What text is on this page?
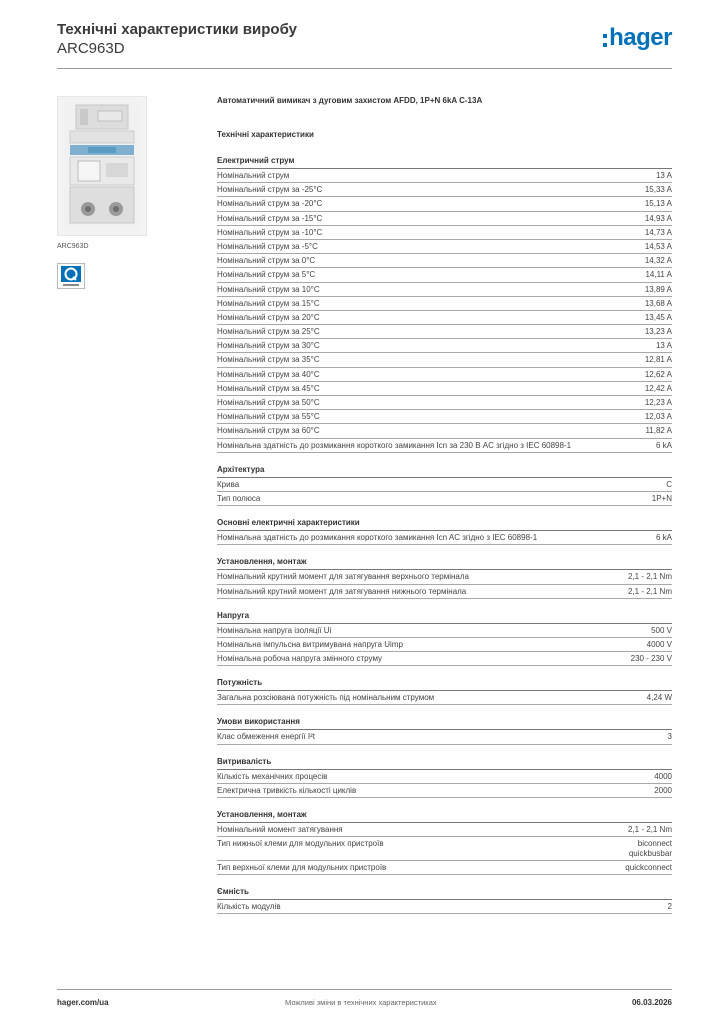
Технічні характеристики виробу
ARC963D	hager
ARC963D
Автоматичний вимикач з дуговим захистом AFDD, 1P+N 6kA C-13A
Технічні характеристики
Електричний струм
Номінальний струм	13 A
Номінальний струм за -25°C	15,33 A
Номінальний струм за -20°C	15,13 A
Номінальний струм за -15°C	14,93 A
Номінальний струм за -10°C	14,73 A
Номінальний струм за -5°C	14,53 A
Номінальний струм за 0°C	14,32 A
Номінальний струм за 5°C	14,11 A
Номінальний струм за 10°C	13,89 A
Номінальний струм за 15°C	13,68 A
Номінальний струм за 20°C	13,45 A
Номінальний струм за 25°C	13,23 A
Номінальний струм за 30°C	13 A
Номінальний струм за 35°C	12,81 A
Номінальний струм за 40°C	12,62 A
Номінальний струм за 45°C	12,42 A
Номінальний струм за 50°C	12,23 A
Номінальний струм за 55°C	12,03 A
Номінальний струм за 60°C	11,82 A
Номінальна здатність до розмикання короткого замикання Icn за 230 В AC згідно з IEC 60898-1	6 kA
Архітектура
Крива	C
Тип полюса	1P+N
Основні електричні характеристики
Номінальна здатність до розмикання короткого замикання Icn AC згідно з IEC 60898-1	6 kA
Установлення, монтаж
Номінальний крутний момент для затягування верхнього термінала	2,1 - 2,1 Nm
Номінальний крутний момент для затягування нижнього термінала	2,1 - 2,1 Nm
Напруга
Номінальна напруга ізоляції Ui	500 V
Номінальна імпульсна витримувана напруга Uimp	4000 V
Номінальна робоча напруга змінного струму	230 - 230 V
Потужність
Загальна розсіювана потужність під номінальним струмом	4,24 W
Умови використання
Клас обмеження енергії I²t	3
Витривалість
Кількість механічних процесів	4000
Електрична тривкість кількості циклів	2000
Установлення, монтаж
Номінальний момент затягування	2,1 - 2,1 Nm
Тип нижньої клеми для модульних пристроїв	biconnect
quickbusbar
Тип верхньої клеми для модульних пристроїв	quickconnect
Ємність
Кількість модулів	2
hager.com/ua	Можливі зміни в технічних характеристиках	06.03.2026
